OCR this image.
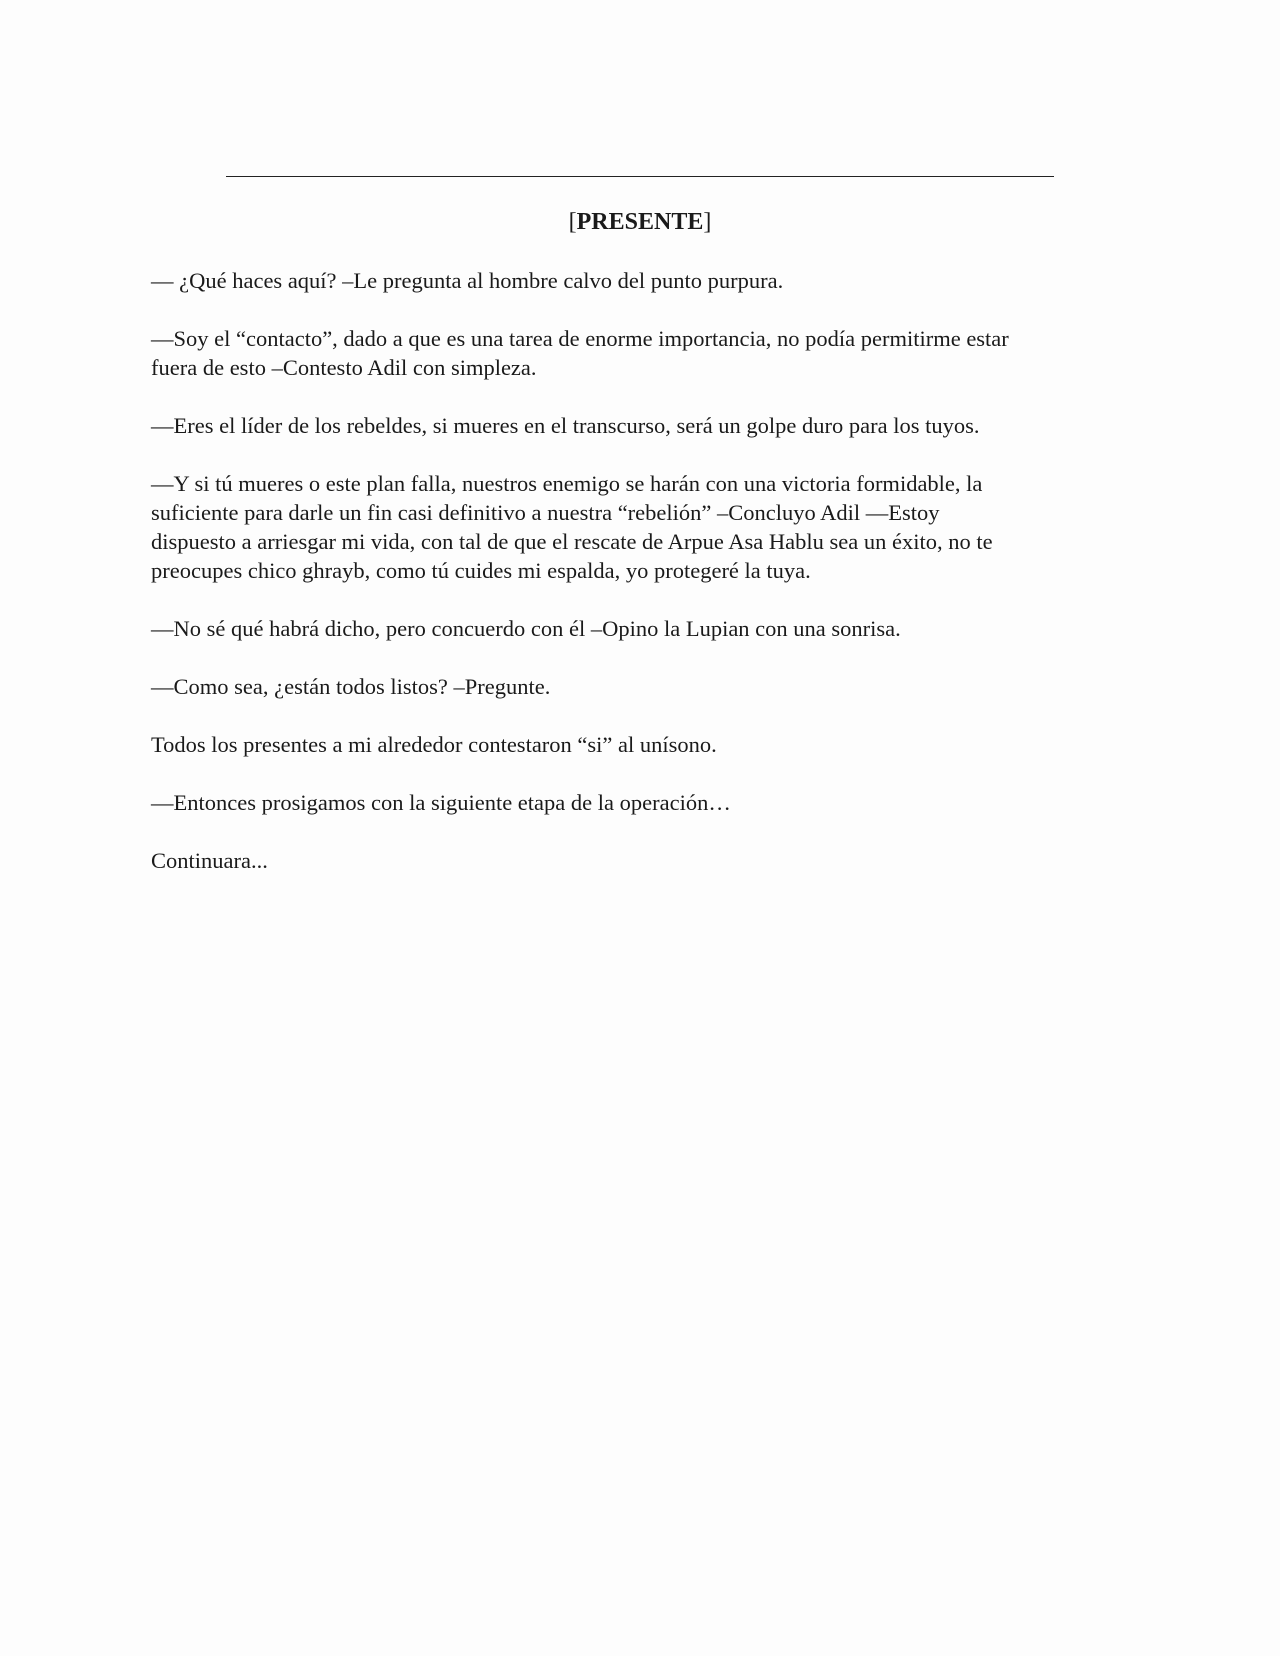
[PRESENTE]

— ¿Qué haces aquí? –Le pregunta al hombre calvo del punto purpura.

—Soy el “contacto”, dado a que es una tarea de enorme importancia, no podía permitirme estar
fuera de esto –Contesto Adil con simpleza.

—Eres el líder de los rebeldes, si mueres en el transcurso, será un golpe duro para los tuyos.

—Y si tú mueres o este plan falla, nuestros enemigo se harán con una victoria formidable, la
suficiente para darle un fin casi definitivo a nuestra “rebelión” –Concluyo Adil —Estoy
dispuesto a arriesgar mi vida, con tal de que el rescate de Arpue Asa Hablu sea un éxito, no te
preocupes chico ghrayb, como tú cuides mi espalda, yo protegeré la tuya.

—No sé qué habrá dicho, pero concuerdo con él –Opino la Lupian con una sonrisa.

—Como sea, ¿están todos listos? –Pregunte.

Todos los presentes a mi alrededor contestaron “si” al unísono.

—Entonces prosigamos con la siguiente etapa de la operación…

Continuara...
